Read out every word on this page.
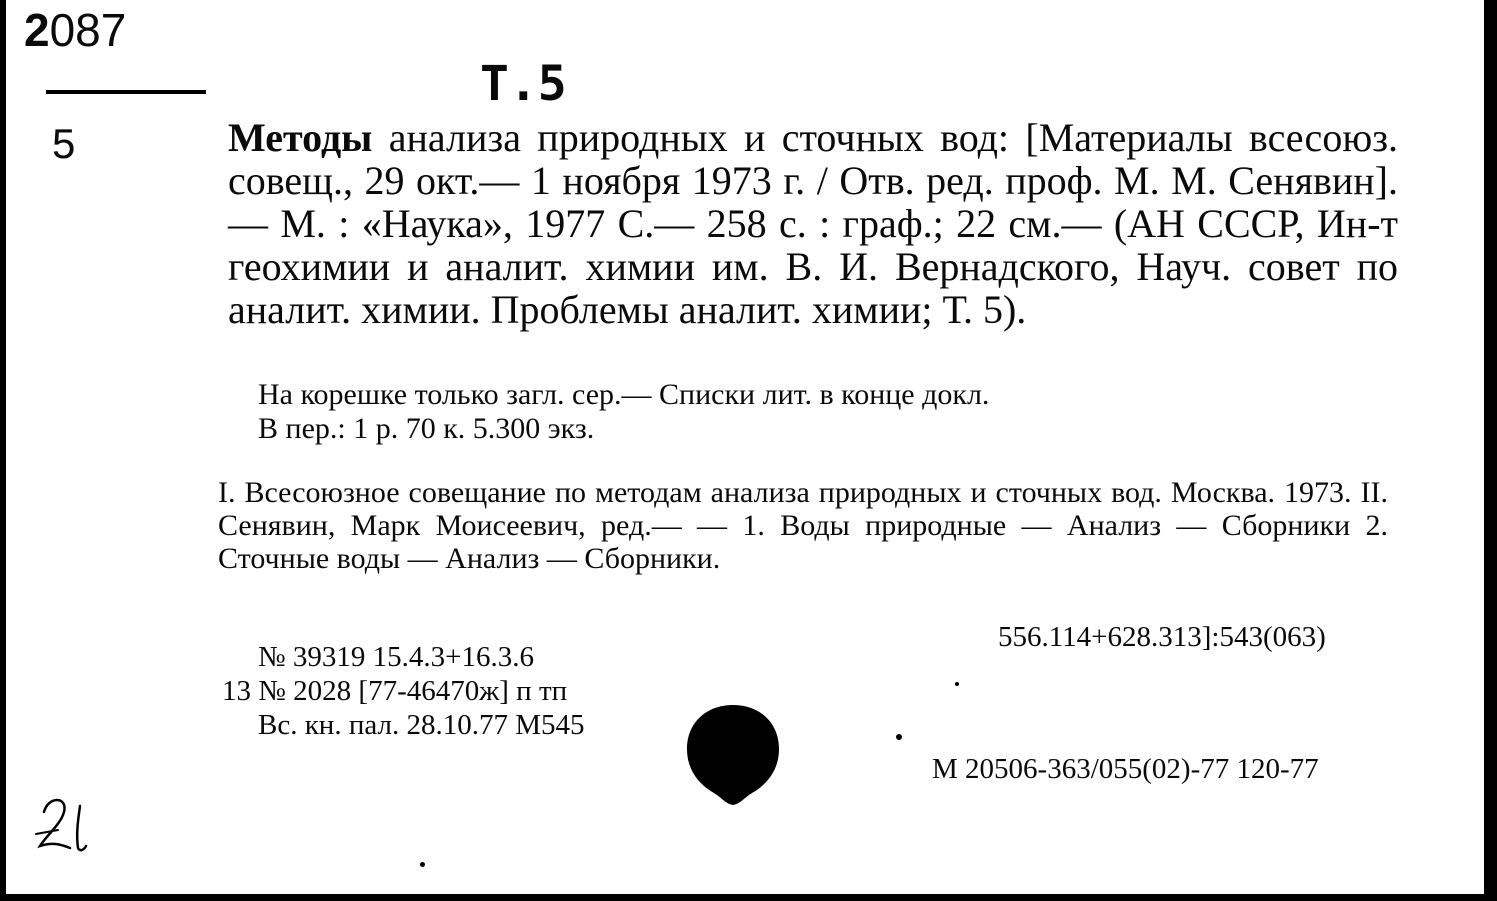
2087
5
Т.5
Методы анализа природных и сточных вод: [Материалы всесоюз. совещ., 29 окт.— 1 ноября 1973 г. / Отв. ред. проф. М. М. Сенявин].— М. : «Наука», 1977 С.— 258 с. : граф.; 22 см.— (АН СССР, Ин-т геохимии и аналит. химии им. В. И. Вернадского, Науч. совет по аналит. химии. Проблемы аналит. химии; Т. 5).
На корешке только загл. сер.— Списки лит. в конце докл.
В пер.: 1 р. 70 к. 5.300 экз.
I. Всесоюзное совещание по методам анализа природных и сточных вод. Москва. 1973. II. Сенявин, Марк Моисеевич, ред.— — 1. Воды природные — Анализ — Сборники 2. Сточные воды — Анализ — Сборники.
556.114+628.313]:543(063)
№ 39319 15.4.3+16.3.6
13 № 2028 [77-46470ж] п тп
Вс. кн. пал. 28.10.77 М545
М 20506-363/055(02)-77 120-77
